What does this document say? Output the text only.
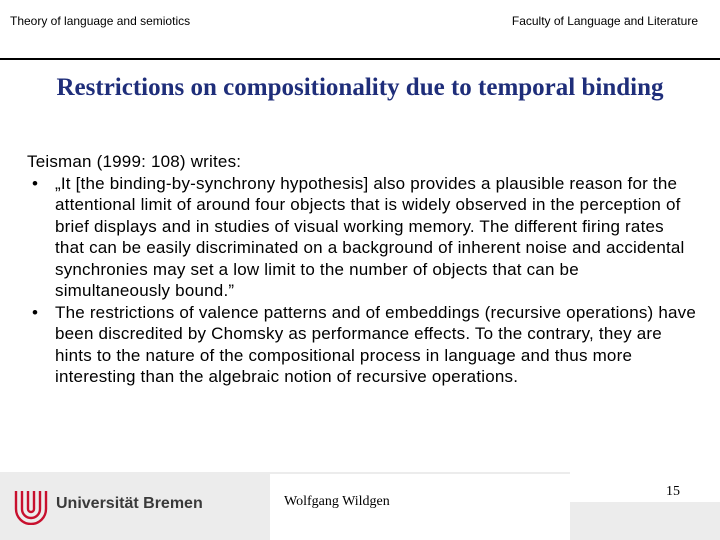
Theory of language and semiotics	Faculty of Language and Literature
Restrictions on compositionality due to temporal binding
Teisman (1999: 108) writes:
• „It [the binding-by-synchrony hypothesis] also provides a plausible reason for the attentional limit of around four objects that is widely observed in the perception of brief displays and in studies of visual working memory. The different firing rates that can be easily discriminated on a background of inherent noise and accidental synchronies may set a low limit to the number of objects that can be simultaneously bound.”
• The restrictions of valence patterns and of embeddings (recursive operations) have been discredited by Chomsky as performance effects. To the contrary, they are hints to the nature of the compositional process in language and thus more interesting than the algebraic notion of recursive operations.
Universität Bremen	Wolfgang Wildgen
15
